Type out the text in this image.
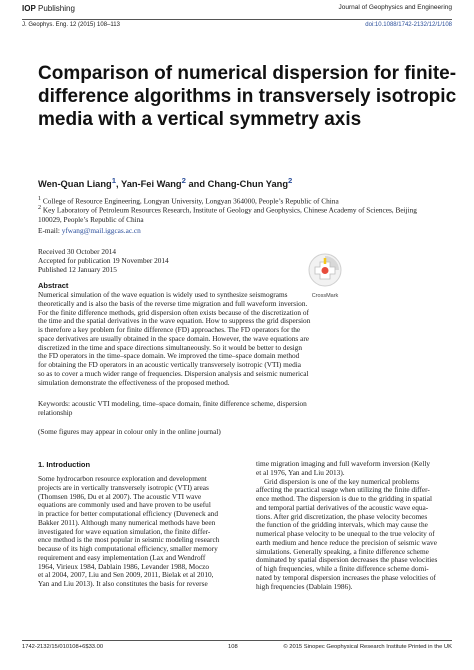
IOP Publishing	Journal of Geophysics and Engineering
J. Geophys. Eng. 12 (2015) 108–113	doi:10.1088/1742-2132/12/1/108
Comparison of numerical dispersion for finite-difference algorithms in transversely isotropic media with a vertical symmetry axis
Wen-Quan Liang$^1$, Yan-Fei Wang$^2$ and Chang-Chun Yang$^2$
$^1$ College of Resource Engineering, Longyan University, Longyan 364000, People’s Republic of China
$^2$ Key Laboratory of Petroleum Resources Research, Institute of Geology and Geophysics, Chinese Academy of Sciences, Beijing 100029, People’s Republic of China
E-mail: yfwang@mail.iggcas.ac.cn
Received 30 October 2014
Accepted for publication 19 November 2014
Published 12 January 2015
CrossMark
Abstract
Numerical simulation of the wave equation is widely used to synthesize seismograms
theoretically and is also the basis of the reverse time migration and full waveform inversion.
For the finite difference methods, grid dispersion often exists because of the discretization of
the time and the spatial derivatives in the wave equation. How to suppress the grid dispersion
is therefore a key problem for finite difference (FD) approaches. The FD operators for the
space derivatives are usually obtained in the space domain. However, the wave equations are
discretized in the time and space directions simultaneously. So it would be better to design
the FD operators in the time–space domain. We improved the time–space domain method
for obtaining the FD operators in an acoustic vertically transversely isotropic (VTI) media
so as to cover a much wider range of frequencies. Dispersion analysis and seismic numerical
simulation demonstrate the effectiveness of the proposed method.
Keywords: acoustic VTI modeling, time–space domain, finite difference scheme, dispersion
relationship
(Some figures may appear in colour only in the online journal)
1. Introduction
Some hydrocarbon resource exploration and development
projects are in vertically transversely isotropic (VTI) areas
(Thomsen 1986, Du et al 2007). The acoustic VTI wave
equations are commonly used and have proven to be useful
in practice for better computational efficiency (Duveneck and
Bakker 2011). Although many numerical methods have been
investigated for wave equation simulation, the finite differ-
ence method is the most popular in seismic modeling research
because of its high computational efficiency, smaller memory
requirement and easy implementation (Lax and Wendroff
1964, Virieux 1984, Dablain 1986, Levander 1988, Moczo
et al 2004, 2007, Liu and Sen 2009, 2011, Bielak et al 2010,
Yan and Liu 2013). It also constitutes the basis for reverse
time migration imaging and full waveform inversion (Kelly
et al 1976, Yan and Liu 2013).
Grid dispersion is one of the key numerical problems
affecting the practical usage when utilizing the finite differ-
ence method. The dispersion is due to the gridding in spatial
and temporal partial derivatives of the acoustic wave equa-
tions. After grid discretization, the phase velocity becomes
the function of the gridding intervals, which may cause the
numerical phase velocity to be unequal to the true velocity of
earth medium and hence reduce the precision of seismic wave
simulations. Generally speaking, a finite difference scheme
dominated by spatial dispersion decreases the phase velocities
of high frequencies, while a finite difference scheme domi-
nated by temporal dispersion increases the phase velocities of
high frequencies (Dablain 1986).
1742-2132/15/010108+6$33.00	108	© 2015 Sinopec Geophysical Research Institute Printed in the UK
